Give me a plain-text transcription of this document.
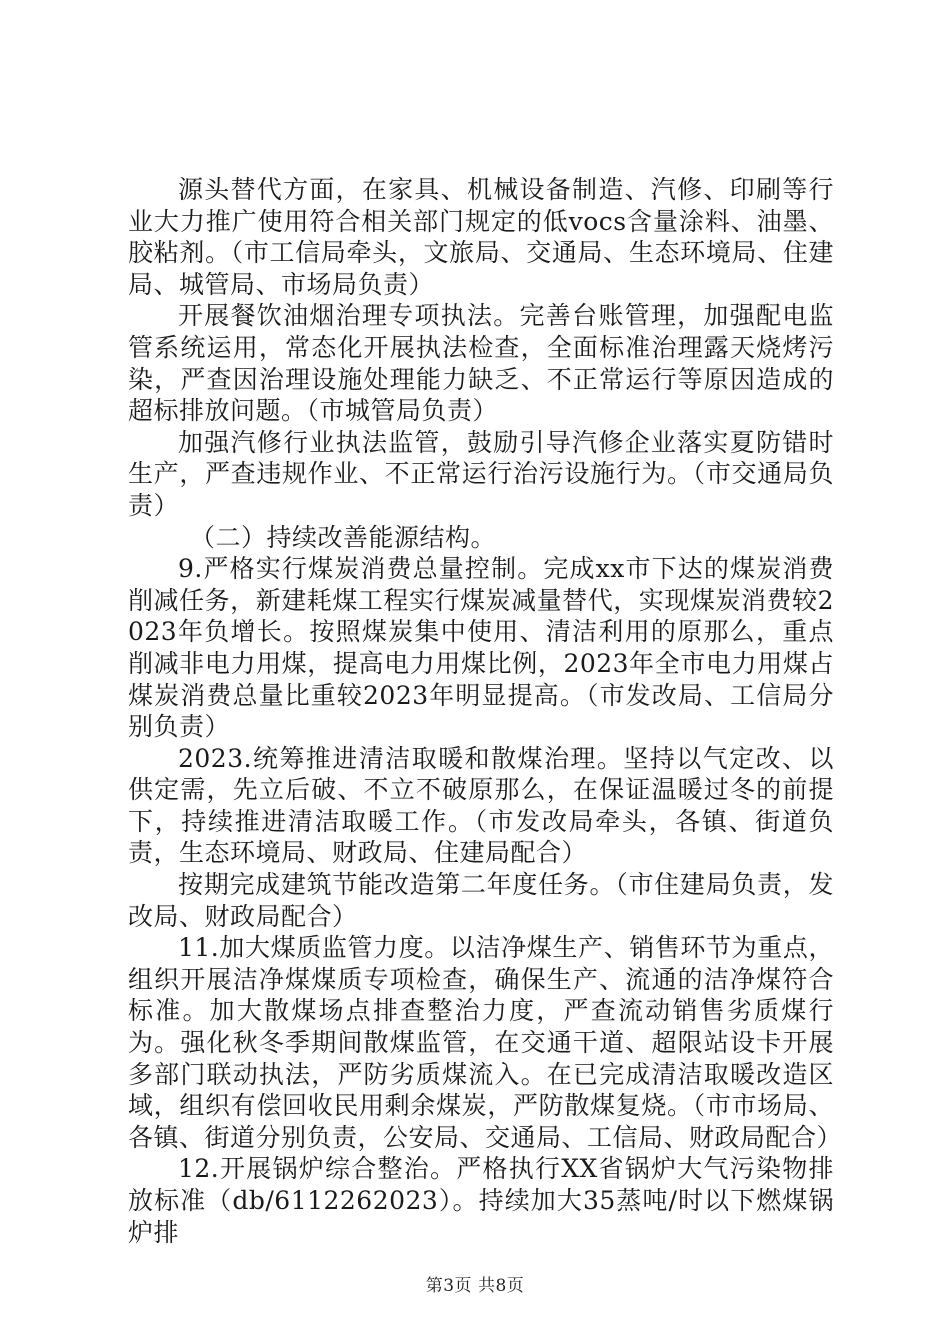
源头替代方面，在家具、机械设备制造、汽修、印刷等行业大力推广使用符合相关部门规定的低vocs含量涂料、油墨、胶粘剂。（市工信局牵头，文旅局、交通局、生态环境局、住建局、城管局、市场局负责）

开展餐饮油烟治理专项执法。完善台账管理，加强配电监管系统运用，常态化开展执法检查，全面标准治理露天烧烤污染，严查因治理设施处理能力缺乏、不正常运行等原因造成的超标排放问题。（市城管局负责）

加强汽修行业执法监管，鼓励引导汽修企业落实夏防错时生产，严查违规作业、不正常运行治污设施行为。（市交通局负责）

（二）持续改善能源结构。

9.严格实行煤炭消费总量控制。完成xx市下达的煤炭消费削减任务，新建耗煤工程实行煤炭减量替代，实现煤炭消费较2023年负增长。按照煤炭集中使用、清洁利用的原那么，重点削减非电力用煤，提高电力用煤比例，2023年全市电力用煤占煤炭消费总量比重较2023年明显提高。（市发改局、工信局分别负责）

2023.统筹推进清洁取暖和散煤治理。坚持以气定改、以供定需，先立后破、不立不破原那么，在保证温暖过冬的前提下，持续推进清洁取暖工作。（市发改局牵头，各镇、街道负责，生态环境局、财政局、住建局配合）

按期完成建筑节能改造第二年度任务。（市住建局负责，发改局、财政局配合）

11.加大煤质监管力度。以洁净煤生产、销售环节为重点，组织开展洁净煤煤质专项检查，确保生产、流通的洁净煤符合标准。加大散煤场点排查整治力度，严查流动销售劣质煤行为。强化秋冬季期间散煤监管，在交通干道、超限站设卡开展多部门联动执法，严防劣质煤流入。在已完成清洁取暖改造区域，组织有偿回收民用剩余煤炭，严防散煤复烧。（市市场局、各镇、街道分别负责，公安局、交通局、工信局、财政局配合）

12.开展锅炉综合整治。严格执行XX省锅炉大气污染物排放标准（db/6112262023）。持续加大35蒸吨/时以下燃煤锅炉排

第3页 共8页
